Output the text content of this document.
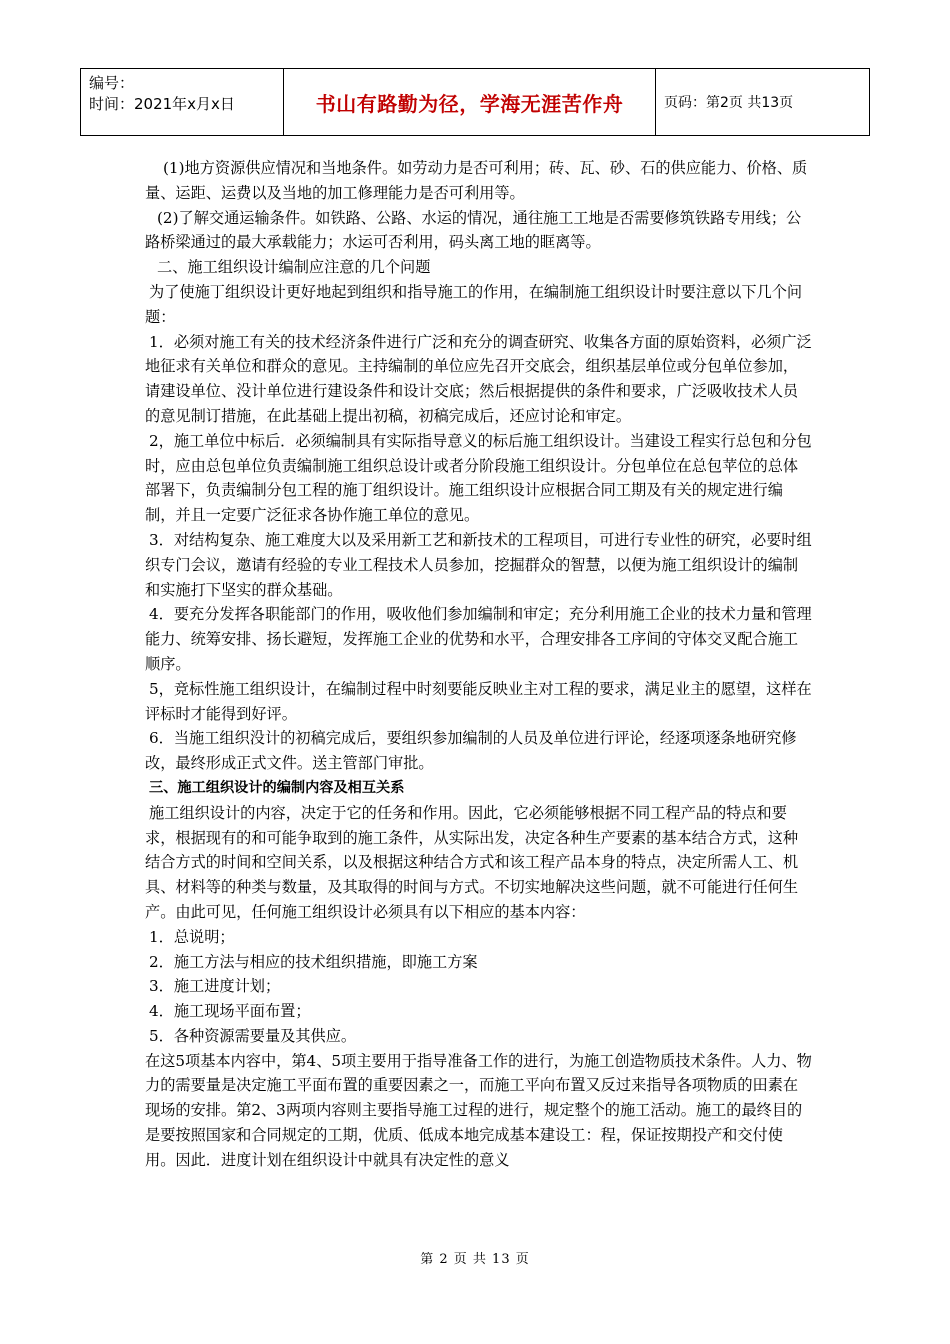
编号：
时间：2021年x月x日	书山有路勤为径，学海无涯苦作舟	页码：第2页 共13页

(1)地方资源供应情况和当地条件。如劳动力是否可利用；砖、瓦、砂、石的供应能力、价格、质量、运距、运费以及当地的加工修理能力是否可利用等。

(2)了解交通运输条件。如铁路、公路、水运的情况，通往施工工地是否需要修筑铁路专用线；公路桥梁通过的最大承载能力；水运可否利用，码头离工地的眶离等。

二、施工组织设计编制应注意的几个问题

为了使施丁组织设计更好地起到组织和指导施工的作用，在编制施工组织设计时要注意以下几个问题：

1．必须对施工有关的技术经济条件进行广泛和充分的调查研究、收集各方面的原始资料，必须广泛地征求有关单位和群众的意见。主持编制的单位应先召开交底会，组织基层单位或分包单位参加，请建设单位、没计单位进行建设条件和设计交底；然后根据提供的条件和要求，广泛吸收技术人员的意见制订措施，在此基础上提出初稿，初稿完成后，还应讨论和审定。

2，施工单位中标后．必须编制具有实际指导意义的标后施工组织设计。当建设工程实行总包和分包时，应由总包单位负责编制施工组织总设计或者分阶段施工组织设计。分包单位在总包苹位的总体部署下，负责编制分包工程的施丁组织设计。施工组织设计应根据合同工期及有关的规定进行编制，并且一定要广泛征求各协作施工单位的意见。

3．对结构复杂、施工难度大以及采用新工艺和新技术的工程项目，可进行专业性的研究，必要时组织专门会议，邀请有经验的专业工程技术人员参加，挖掘群众的智慧，以便为施工组织设计的编制和实施打下坚实的群众基础。

4．要充分发挥各职能部门的作用，吸收他们参加编制和审定；充分利用施工企业的技术力量和管理能力、统筹安排、扬长避短，发挥施工企业的优势和水平，合理安排各工序间的守体交叉配合施工顺序。

5，竞标性施工组织设计，在编制过程中时刻要能反映业主对工程的要求，满足业主的愿望，这样在评标时才能得到好评。

6．当施工组织没计的初稿完成后，要组织参加编制的人员及单位进行评论，经逐项逐条地研究修改，最终形成正式文件。送主管部门审批。

三、施工组织设计的编制内容及相互关系

施工组织设计的内容，决定于它的任务和作用。因此，它必须能够根据不同工程产品的特点和要求，根据现有的和可能争取到的施工条件，从实际出发，决定各种生产要素的基本结合方式，这种结合方式的时间和空间关系，以及根据这种结合方式和该工程产品本身的特点，决定所需人工、机具、材料等的种类与数量，及其取得的时间与方式。不切实地解决这些问题，就不可能进行任何生产。由此可见，任何施工组织设计必须具有以下相应的基本内容：

1．总说明；

2．施工方法与相应的技术组织措施，即施工方案

3．施工进度计划；

4．施工现场平面布置；

5．各种资源需要量及其供应。

在这5项基本内容中，第4、5项主要用于指导准备工作的进行，为施工创造物质技术条件。人力、物力的需要量是决定施工平面布置的重要因素之一，而施工平向布置又反过来指导各项物质的田素在现场的安排。第2、3两项内容则主要指导施工过程的进行，规定整个的施工活动。施工的最终目的是要按照国家和合同规定的工期，优质、低成本地完成基本建设工：程，保证按期投产和交付使用。因此．进度计划在组织设计中就具有决定性的意义

第 2 页 共 13 页
